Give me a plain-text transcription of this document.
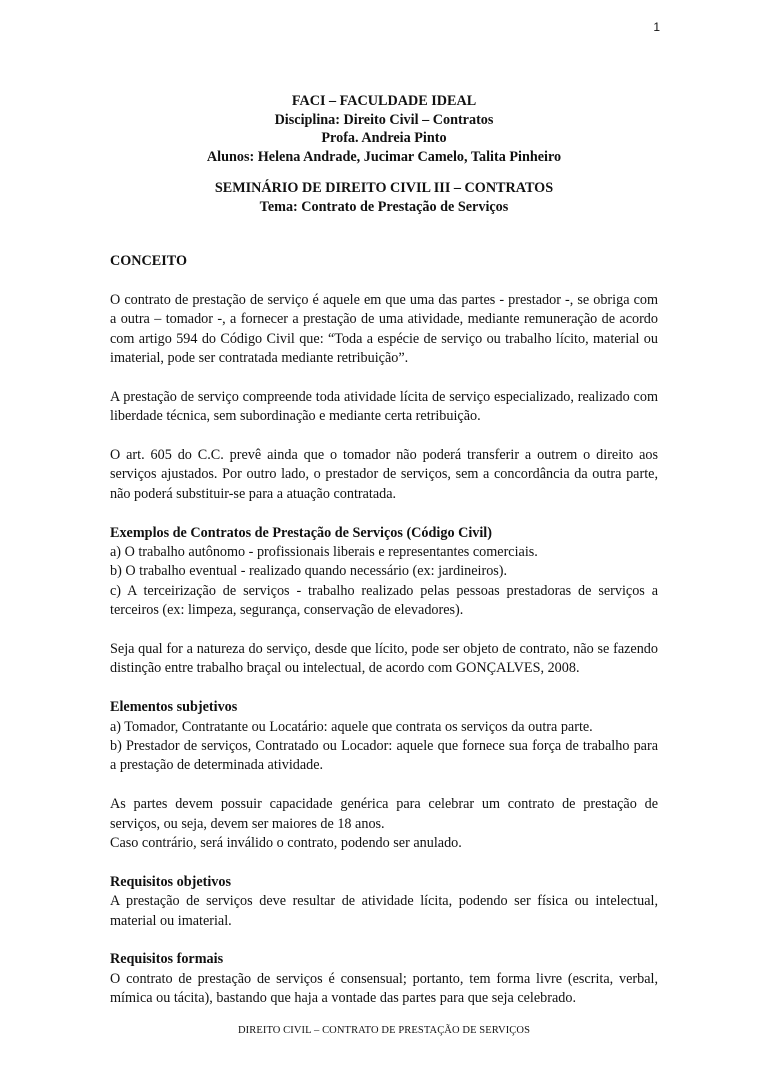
1
FACI – FACULDADE IDEAL
Disciplina: Direito Civil – Contratos
Profa. Andreia Pinto
Alunos: Helena Andrade, Jucimar Camelo, Talita Pinheiro
SEMINÁRIO DE DIREITO CIVIL III – CONTRATOS
Tema: Contrato de Prestação de Serviços
CONCEITO

O contrato de prestação de serviço é aquele em que uma das partes - prestador -, se obriga com a outra – tomador -, a fornecer a prestação de uma atividade, mediante remuneração de acordo com artigo 594 do Código Civil que: “Toda a espécie de serviço ou trabalho lícito, material ou imaterial, pode ser contratada mediante retribuição”.

A prestação de serviço compreende toda atividade lícita de serviço especializado, realizado com liberdade técnica, sem subordinação e mediante certa retribuição.

O art. 605 do C.C. prevê ainda que o tomador não poderá transferir a outrem o direito aos serviços ajustados. Por outro lado, o prestador de serviços, sem a concordância da outra parte, não poderá substituir-se para a atuação contratada.

Exemplos de Contratos de Prestação de Serviços (Código Civil)

a) O trabalho autônomo - profissionais liberais e representantes comerciais.

b) O trabalho eventual - realizado quando necessário (ex: jardineiros).

c) A terceirização de serviços - trabalho realizado pelas pessoas prestadoras de serviços a terceiros (ex: limpeza, segurança, conservação de elevadores).

Seja qual for a natureza do serviço, desde que lícito, pode ser objeto de contrato, não se fazendo distinção entre trabalho braçal ou intelectual, de acordo com GONÇALVES, 2008.

Elementos subjetivos

a) Tomador, Contratante ou Locatário: aquele que contrata os serviços da outra parte.

b) Prestador de serviços, Contratado ou Locador: aquele que fornece sua força de trabalho para a prestação de determinada atividade.

As partes devem possuir capacidade genérica para celebrar um contrato de prestação de serviços, ou seja, devem ser maiores de 18 anos.

Caso contrário, será inválido o contrato, podendo ser anulado.

Requisitos objetivos

A prestação de serviços deve resultar de atividade lícita, podendo ser física ou intelectual, material ou imaterial.

Requisitos formais

O contrato de prestação de serviços é consensual; portanto, tem forma livre (escrita, verbal, mímica ou tácita), bastando que haja a vontade das partes para que seja celebrado.

DIREITO CIVIL – CONTRATO DE PRESTAÇÃO DE SERVIÇOS
